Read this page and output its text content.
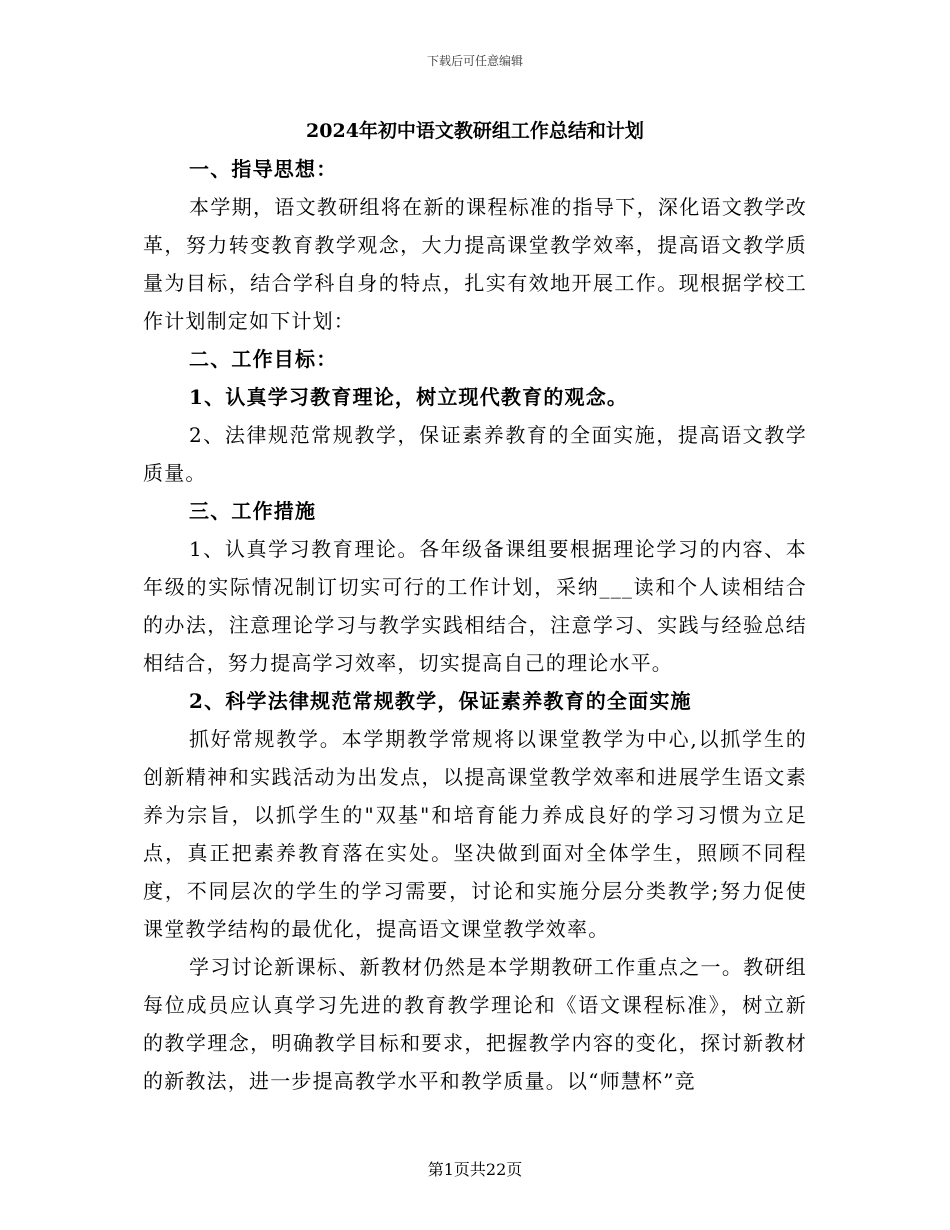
下载后可任意编辑
2024年初中语文教研组工作总结和计划

一、指导思想：

本学期，语文教研组将在新的课程标准的指导下，深化语文教学改革，努力转变教育教学观念，大力提高课堂教学效率，提高语文教学质量为目标，结合学科自身的特点，扎实有效地开展工作。现根据学校工作计划制定如下计划：

二、工作目标：

1、认真学习教育理论，树立现代教育的观念。

2、法律规范常规教学，保证素养教育的全面实施，提高语文教学质量。

三、工作措施

1、认真学习教育理论。各年级备课组要根据理论学习的内容、本年级的实际情况制订切实可行的工作计划，采纳___读和个人读相结合的办法，注意理论学习与教学实践相结合，注意学习、实践与经验总结相结合，努力提高学习效率，切实提高自己的理论水平。

2、科学法律规范常规教学，保证素养教育的全面实施

抓好常规教学。本学期教学常规将以课堂教学为中心,以抓学生的创新精神和实践活动为出发点，以提高课堂教学效率和进展学生语文素养为宗旨，以抓学生的"双基"和培育能力养成良好的学习习惯为立足点，真正把素养教育落在实处。坚决做到面对全体学生，照顾不同程度，不同层次的学生的学习需要，讨论和实施分层分类教学;努力促使课堂教学结构的最优化，提高语文课堂教学效率。

学习讨论新课标、新教材仍然是本学期教研工作重点之一。教研组每位成员应认真学习先进的教育教学理论和《语文课程标准》，树立新的教学理念，明确教学目标和要求，把握教学内容的变化，探讨新教材的新教法，进一步提高教学水平和教学质量。以“师慧杯”竞

第1页共22页
